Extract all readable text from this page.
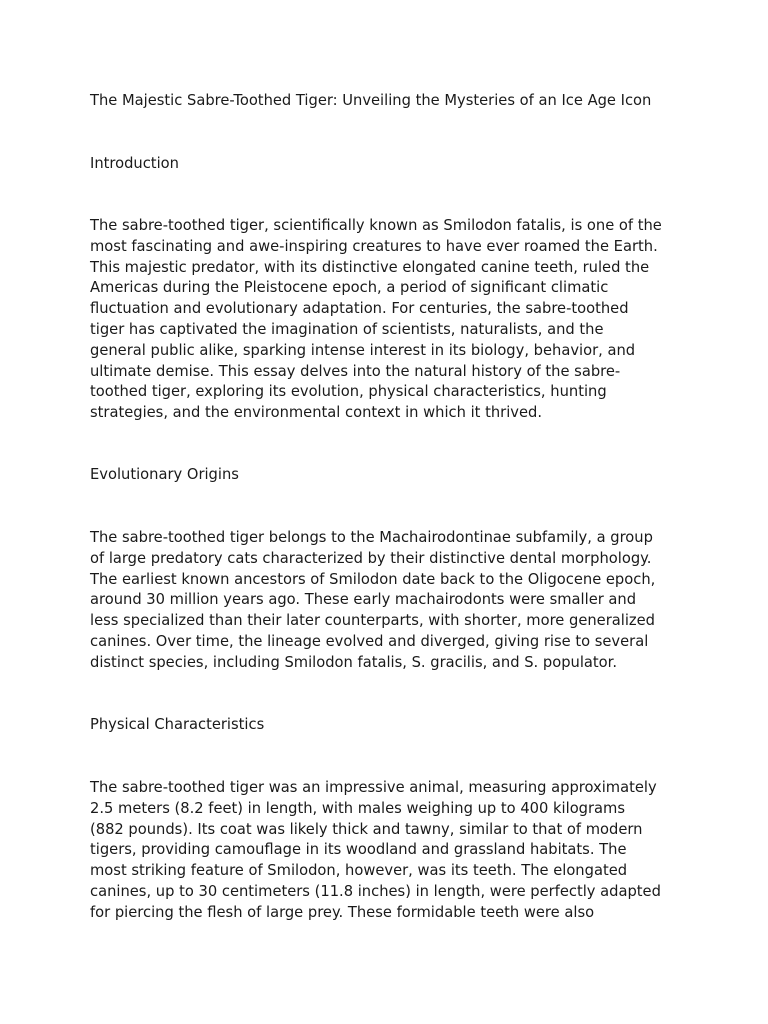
The Majestic Sabre-Toothed Tiger: Unveiling the Mysteries of an Ice Age Icon

Introduction

The sabre-toothed tiger, scientifically known as Smilodon fatalis, is one of the
most fascinating and awe-inspiring creatures to have ever roamed the Earth.
This majestic predator, with its distinctive elongated canine teeth, ruled the
Americas during the Pleistocene epoch, a period of significant climatic
fluctuation and evolutionary adaptation. For centuries, the sabre-toothed
tiger has captivated the imagination of scientists, naturalists, and the
general public alike, sparking intense interest in its biology, behavior, and
ultimate demise. This essay delves into the natural history of the sabre-
toothed tiger, exploring its evolution, physical characteristics, hunting
strategies, and the environmental context in which it thrived.

Evolutionary Origins

The sabre-toothed tiger belongs to the Machairodontinae subfamily, a group
of large predatory cats characterized by their distinctive dental morphology.
The earliest known ancestors of Smilodon date back to the Oligocene epoch,
around 30 million years ago. These early machairodonts were smaller and
less specialized than their later counterparts, with shorter, more generalized
canines. Over time, the lineage evolved and diverged, giving rise to several
distinct species, including Smilodon fatalis, S. gracilis, and S. populator.

Physical Characteristics

The sabre-toothed tiger was an impressive animal, measuring approximately
2.5 meters (8.2 feet) in length, with males weighing up to 400 kilograms
(882 pounds). Its coat was likely thick and tawny, similar to that of modern
tigers, providing camouflage in its woodland and grassland habitats. The
most striking feature of Smilodon, however, was its teeth. The elongated
canines, up to 30 centimeters (11.8 inches) in length, were perfectly adapted
for piercing the flesh of large prey. These formidable teeth were also
